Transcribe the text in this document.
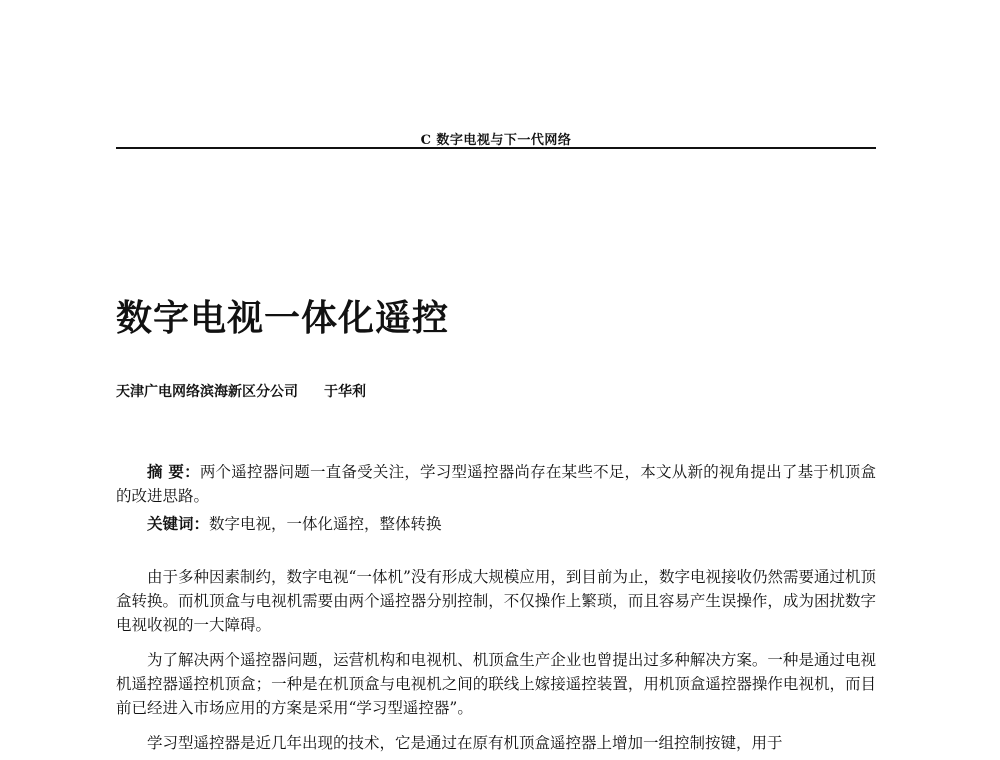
C 数字电视与下一代网络
数字电视一体化遥控
天津广电网络滨海新区分公司 于华利

摘 要：两个遥控器问题一直备受关注，学习型遥控器尚存在某些不足，本文从新的视角提出了基于机顶盒的改进思路。

关键词：数字电视，一体化遥控，整体转换

由于多种因素制约，数字电视“一体机”没有形成大规模应用，到目前为止，数字电视接收仍然需要通过机顶盒转换。而机顶盒与电视机需要由两个遥控器分别控制，不仅操作上繁琐，而且容易产生误操作，成为困扰数字电视收视的一大障碍。

为了解决两个遥控器问题，运营机构和电视机、机顶盒生产企业也曾提出过多种解决方案。一种是通过电视机遥控器遥控机顶盒；一种是在机顶盒与电视机之间的联线上嫁接遥控装置，用机顶盒遥控器操作电视机，而目前已经进入市场应用的方案是采用“学习型遥控器”。

学习型遥控器是近几年出现的技术，它是通过在原有机顶盒遥控器上增加一组控制按键，用于
